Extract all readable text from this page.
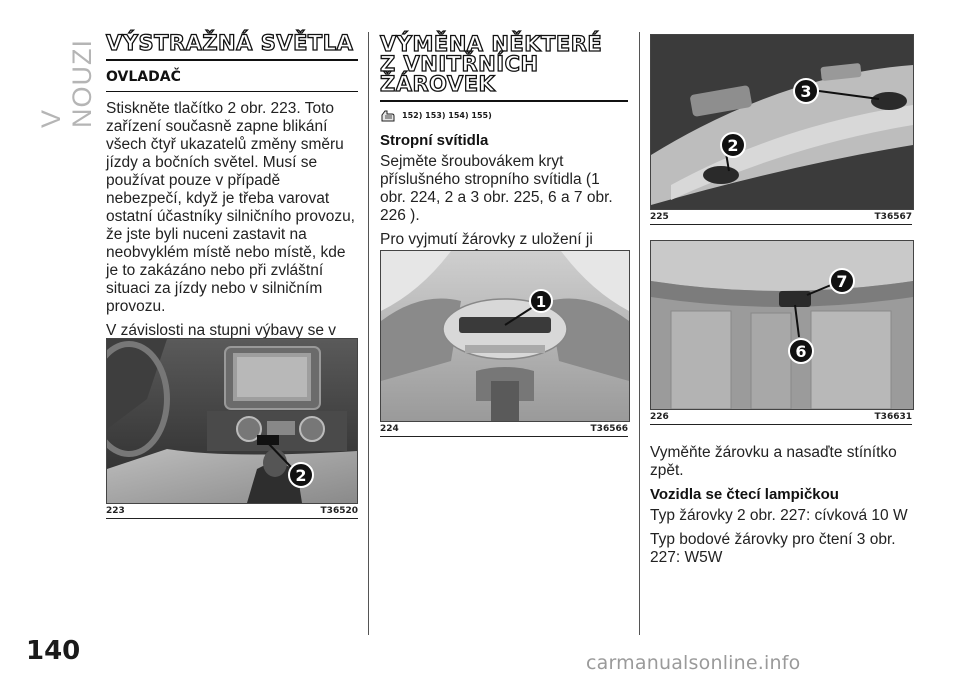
V NOUZI
140	carmanualsonline.info
VÝSTRAŽNÁ SVĚTLA
OVLADAČ

Stiskněte tlačítko 2 obr. 223. Toto zařízení současně zapne blikání všech čtyř ukazatelů změny směru jízdy a bočních světel. Musí se používat pouze v případě nebezpečí, když je třeba varovat ostatní účastníky silničního provozu, že jste byli nuceni zastavit na neobvyklém místě nebo místě, kde je to zakázáno nebo při zvláštní situaci za jízdy nebo v silničním provozu.

V závislosti na stupni výbavy se v

2
223	T36520
VÝMĚNA NĚKTERÉ
Z VNITŘNÍCH
ŽÁROVEK
152) 153) 154) 155)
Stropní svítidla

Sejměte šroubovákem kryt příslušného stropního svítidla (1 obr. 224, 2 a 3 obr. 225, 6 a 7 obr. 226 ).

Pro vyjmutí žárovky z uložení ji

1
224	T36566
2
3
225	T36567
7
6
226	T36631

Vyměňte žárovku a nasaďte stínítko zpět.

Vozidla se čtecí lampičkou

Typ žárovky 2 obr. 227: cívková 10 W

Typ bodové žárovky pro čtení 3 obr. 227: W5W
